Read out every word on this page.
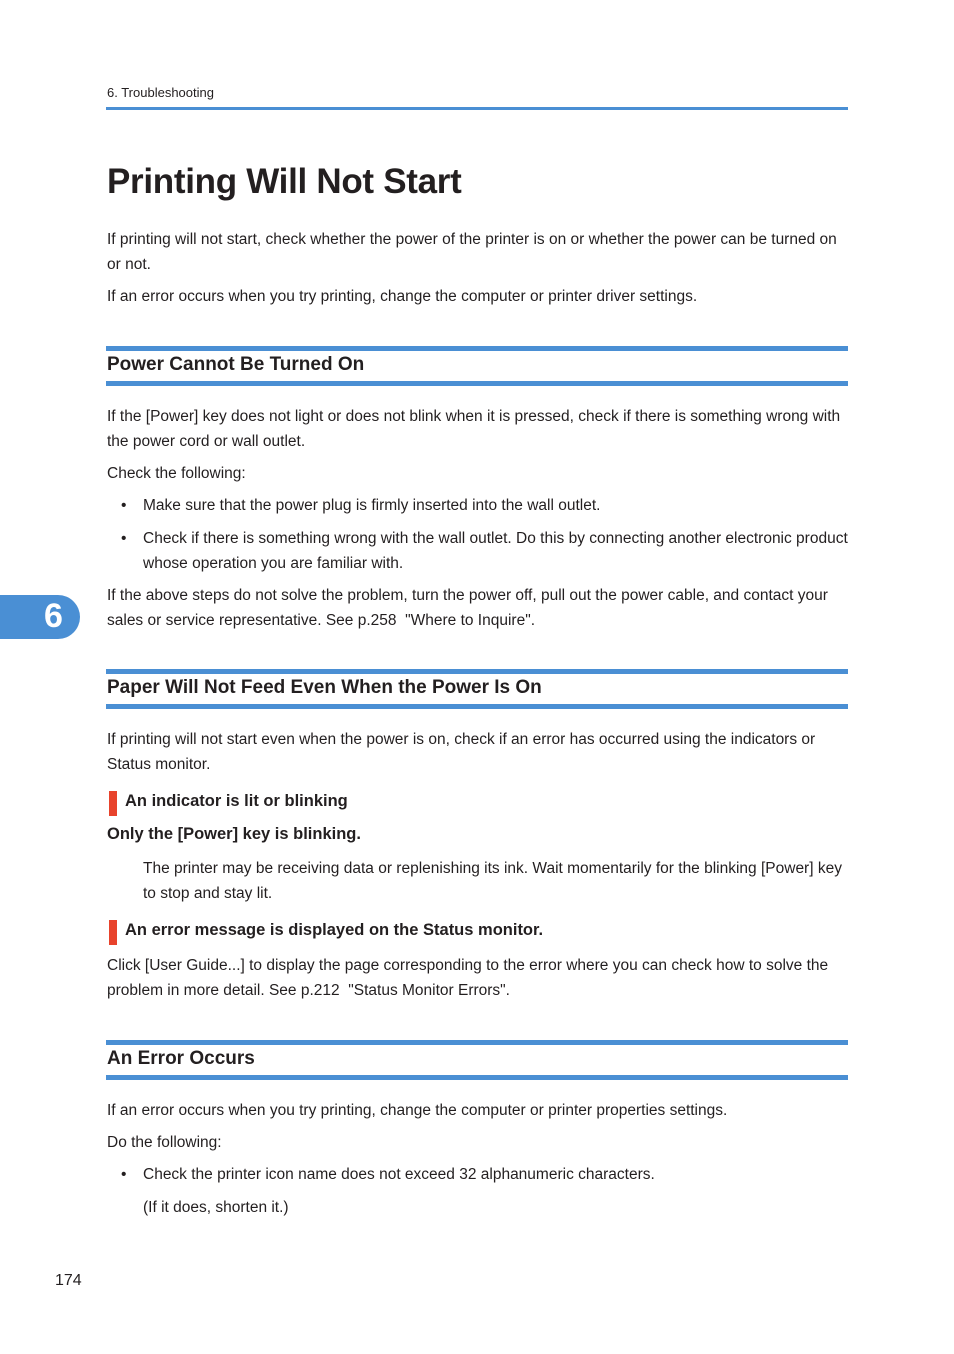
6. Troubleshooting
Printing Will Not Start

If printing will not start, check whether the power of the printer is on or whether the power can be turned on or not.

If an error occurs when you try printing, change the computer or printer driver settings.

Power Cannot Be Turned On

If the [Power] key does not light or does not blink when it is pressed, check if there is something wrong with the power cord or wall outlet.

Check the following:

• Make sure that the power plug is firmly inserted into the wall outlet.
• Check if there is something wrong with the wall outlet. Do this by connecting another electronic product whose operation you are familiar with.

If the above steps do not solve the problem, turn the power off, pull out the power cable, and contact your sales or service representative. See p.258  "Where to Inquire".

Paper Will Not Feed Even When the Power Is On

If printing will not start even when the power is on, check if an error has occurred using the indicators or Status monitor.

An indicator is lit or blinking
Only the [Power] key is blinking.

The printer may be receiving data or replenishing its ink. Wait momentarily for the blinking [Power] key to stop and stay lit.

An error message is displayed on the Status monitor.

Click [User Guide...] to display the page corresponding to the error where you can check how to solve the problem in more detail. See p.212  "Status Monitor Errors".

An Error Occurs

If an error occurs when you try printing, change the computer or printer properties settings.

Do the following:

• Check the printer icon name does not exceed 32 alphanumeric characters.

(If it does, shorten it.)

6
174
